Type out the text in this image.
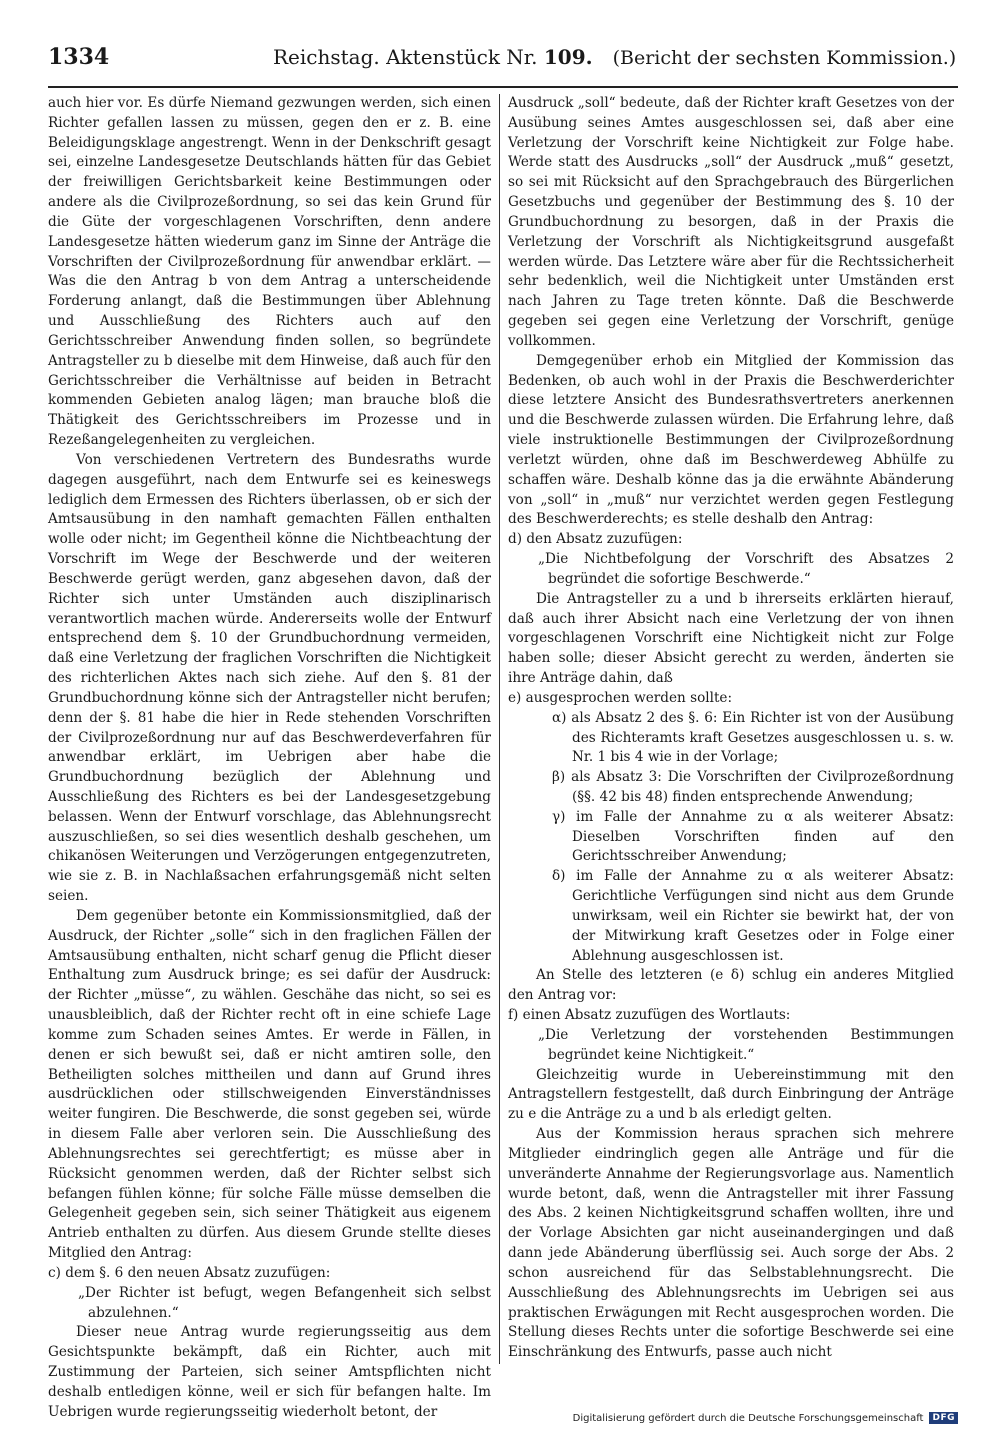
1334	Reichstag. Aktenstück Nr. 109. (Bericht der sechsten Kommission.)

auch hier vor. Es dürfe Niemand gezwungen werden, sich einen Richter gefallen lassen zu müssen, gegen den er z. B. eine Beleidigungsklage angestrengt. Wenn in der Denkschrift gesagt sei, einzelne Landesgesetze Deutschlands hätten für das Gebiet der freiwilligen Gerichtsbarkeit keine Bestimmungen oder andere als die Civilprozeßordnung, so sei das kein Grund für die Güte der vorgeschlagenen Vorschriften, denn andere Landesgesetze hätten wiederum ganz im Sinne der Anträge die Vorschriften der Civilprozeßordnung für anwendbar erklärt. — Was die den Antrag b von dem Antrag a unterscheidende Forderung anlangt, daß die Bestimmungen über Ablehnung und Ausschließung des Richters auch auf den Gerichtsschreiber Anwendung finden sollen, so begründete Antragsteller zu b dieselbe mit dem Hinweise, daß auch für den Gerichtsschreiber die Verhältnisse auf beiden in Betracht kommenden Gebieten analog lägen; man brauche bloß die Thätigkeit des Gerichtsschreibers im Prozesse und in Rezeßangelegenheiten zu vergleichen.

Von verschiedenen Vertretern des Bundesraths wurde dagegen ausgeführt, nach dem Entwurfe sei es keineswegs lediglich dem Ermessen des Richters überlassen, ob er sich der Amtsausübung in den namhaft gemachten Fällen enthalten wolle oder nicht; im Gegentheil könne die Nichtbeachtung der Vorschrift im Wege der Beschwerde und der weiteren Beschwerde gerügt werden, ganz abgesehen davon, daß der Richter sich unter Umständen auch disziplinarisch verantwortlich machen würde. Andererseits wolle der Entwurf entsprechend dem §. 10 der Grundbuchordnung vermeiden, daß eine Verletzung der fraglichen Vorschriften die Nichtigkeit des richterlichen Aktes nach sich ziehe. Auf den §. 81 der Grundbuchordnung könne sich der Antragsteller nicht berufen; denn der §. 81 habe die hier in Rede stehenden Vorschriften der Civilprozeßordnung nur auf das Beschwerdeverfahren für anwendbar erklärt, im Uebrigen aber habe die Grundbuchordnung bezüglich der Ablehnung und Ausschließung des Richters es bei der Landesgesetzgebung belassen. Wenn der Entwurf vorschlage, das Ablehnungsrecht auszuschließen, so sei dies wesentlich deshalb geschehen, um chikanösen Weiterungen und Verzögerungen entgegenzutreten, wie sie z. B. in Nachlaßsachen erfahrungsgemäß nicht selten seien.

Dem gegenüber betonte ein Kommissionsmitglied, daß der Ausdruck, der Richter „solle“ sich in den fraglichen Fällen der Amtsausübung enthalten, nicht scharf genug die Pflicht dieser Enthaltung zum Ausdruck bringe; es sei dafür der Ausdruck: der Richter „müsse“, zu wählen. Geschähe das nicht, so sei es unausbleiblich, daß der Richter recht oft in eine schiefe Lage komme zum Schaden seines Amtes. Er werde in Fällen, in denen er sich bewußt sei, daß er nicht amtiren solle, den Betheiligten solches mittheilen und dann auf Grund ihres ausdrücklichen oder stillschweigenden Einverständnisses weiter fungiren. Die Beschwerde, die sonst gegeben sei, würde in diesem Falle aber verloren sein. Die Ausschließung des Ablehnungsrechtes sei gerechtfertigt; es müsse aber in Rücksicht genommen werden, daß der Richter selbst sich befangen fühlen könne; für solche Fälle müsse demselben die Gelegenheit gegeben sein, sich seiner Thätigkeit aus eigenem Antrieb enthalten zu dürfen. Aus diesem Grunde stellte dieses Mitglied den Antrag:

c) dem §. 6 den neuen Absatz zuzufügen:

„Der Richter ist befugt, wegen Befangenheit sich selbst abzulehnen.“

Dieser neue Antrag wurde regierungsseitig aus dem Gesichtspunkte bekämpft, daß ein Richter, auch mit Zustimmung der Parteien, sich seiner Amtspflichten nicht deshalb entledigen könne, weil er sich für befangen halte. Im Uebrigen wurde regierungsseitig wiederholt betont, der

Ausdruck „soll“ bedeute, daß der Richter kraft Gesetzes von der Ausübung seines Amtes ausgeschlossen sei, daß aber eine Verletzung der Vorschrift keine Nichtigkeit zur Folge habe. Werde statt des Ausdrucks „soll“ der Ausdruck „muß“ gesetzt, so sei mit Rücksicht auf den Sprachgebrauch des Bürgerlichen Gesetzbuchs und gegenüber der Bestimmung des §. 10 der Grundbuchordnung zu besorgen, daß in der Praxis die Verletzung der Vorschrift als Nichtigkeitsgrund ausgefaßt werden würde. Das Letztere wäre aber für die Rechtssicherheit sehr bedenklich, weil die Nichtigkeit unter Umständen erst nach Jahren zu Tage treten könnte. Daß die Beschwerde gegeben sei gegen eine Verletzung der Vorschrift, genüge vollkommen.

Demgegenüber erhob ein Mitglied der Kommission das Bedenken, ob auch wohl in der Praxis die Beschwerderichter diese letztere Ansicht des Bundesrathsvertreters anerkennen und die Beschwerde zulassen würden. Die Erfahrung lehre, daß viele instruktionelle Bestimmungen der Civilprozeßordnung verletzt würden, ohne daß im Beschwerdeweg Abhülfe zu schaffen wäre. Deshalb könne das ja die erwähnte Abänderung von „soll“ in „muß“ nur verzichtet werden gegen Festlegung des Beschwerderechts; es stelle deshalb den Antrag:

d) den Absatz zuzufügen:

„Die Nichtbefolgung der Vorschrift des Absatzes 2 begründet die sofortige Beschwerde.“

Die Antragsteller zu a und b ihrerseits erklärten hierauf, daß auch ihrer Absicht nach eine Verletzung der von ihnen vorgeschlagenen Vorschrift eine Nichtigkeit nicht zur Folge haben solle; dieser Absicht gerecht zu werden, änderten sie ihre Anträge dahin, daß

e) ausgesprochen werden sollte:

α) als Absatz 2 des §. 6: Ein Richter ist von der Ausübung des Richteramts kraft Gesetzes ausgeschlossen u. s. w. Nr. 1 bis 4 wie in der Vorlage;

β) als Absatz 3: Die Vorschriften der Civilprozeßordnung (§§. 42 bis 48) finden entsprechende Anwendung;

γ) im Falle der Annahme zu α als weiterer Absatz: Dieselben Vorschriften finden auf den Gerichtsschreiber Anwendung;

δ) im Falle der Annahme zu α als weiterer Absatz: Gerichtliche Verfügungen sind nicht aus dem Grunde unwirksam, weil ein Richter sie bewirkt hat, der von der Mitwirkung kraft Gesetzes oder in Folge einer Ablehnung ausgeschlossen ist.

An Stelle des letzteren (e δ) schlug ein anderes Mitglied den Antrag vor:

f) einen Absatz zuzufügen des Wortlauts:

„Die Verletzung der vorstehenden Bestimmungen begründet keine Nichtigkeit.“

Gleichzeitig wurde in Uebereinstimmung mit den Antragstellern festgestellt, daß durch Einbringung der Anträge zu e die Anträge zu a und b als erledigt gelten.

Aus der Kommission heraus sprachen sich mehrere Mitglieder eindringlich gegen alle Anträge und für die unveränderte Annahme der Regierungsvorlage aus. Namentlich wurde betont, daß, wenn die Antragsteller mit ihrer Fassung des Abs. 2 keinen Nichtigkeitsgrund schaffen wollten, ihre und der Vorlage Absichten gar nicht auseinandergingen und daß dann jede Abänderung überflüssig sei. Auch sorge der Abs. 2 schon ausreichend für das Selbstablehnungsrecht. Die Ausschließung des Ablehnungsrechts im Uebrigen sei aus praktischen Erwägungen mit Recht ausgesprochen worden. Die Stellung dieses Rechts unter die sofortige Beschwerde sei eine Einschränkung des Entwurfs, passe auch nicht

Digitalisierung gefördert durch die Deutsche Forschungsgemeinschaft	DFG
